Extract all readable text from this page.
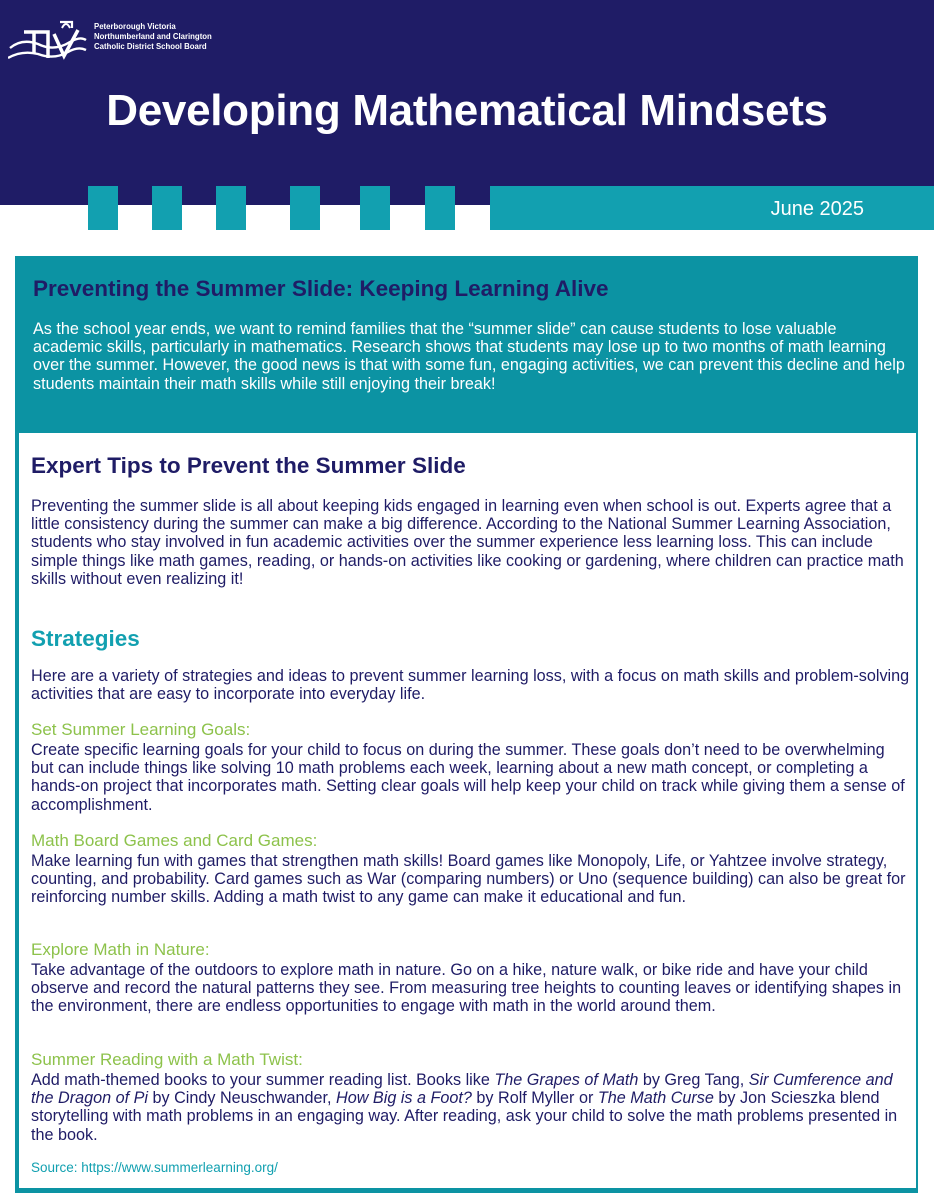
Peterborough Victoria
Northumberland and Clarington
Catholic District School Board
Developing Mathematical Mindsets
June 2025
Preventing the Summer Slide: Keeping Learning Alive

As the school year ends, we want to remind families that the “summer slide” can cause students to lose valuable academic skills, particularly in mathematics. Research shows that students may lose up to two months of math learning over the summer. However, the good news is that with some fun, engaging activities, we can prevent this decline and help students maintain their math skills while still enjoying their break!

Expert Tips to Prevent the Summer Slide

Preventing the summer slide is all about keeping kids engaged in learning even when school is out. Experts agree that a little consistency during the summer can make a big difference. According to the National Summer Learning Association, students who stay involved in fun academic activities over the summer experience less learning loss. This can include simple things like math games, reading, or hands-on activities like cooking or gardening, where children can practice math skills without even realizing it!

Strategies

Here are a variety of strategies and ideas to prevent summer learning loss, with a focus on math skills and problem-solving activities that are easy to incorporate into everyday life.

Set Summer Learning Goals:

Create specific learning goals for your child to focus on during the summer. These goals don’t need to be overwhelming but can include things like solving 10 math problems each week, learning about a new math concept, or completing a hands-on project that incorporates math. Setting clear goals will help keep your child on track while giving them a sense of accomplishment.

Math Board Games and Card Games:

Make learning fun with games that strengthen math skills! Board games like Monopoly, Life, or Yahtzee involve strategy, counting, and probability. Card games such as War (comparing numbers) or Uno (sequence building) can also be great for reinforcing number skills. Adding a math twist to any game can make it educational and fun.

Explore Math in Nature:

Take advantage of the outdoors to explore math in nature. Go on a hike, nature walk, or bike ride and have your child observe and record the natural patterns they see. From measuring tree heights to counting leaves or identifying shapes in the environment, there are endless opportunities to engage with math in the world around them.

Summer Reading with a Math Twist:

Add math-themed books to your summer reading list. Books like The Grapes of Math by Greg Tang, Sir Cumference and the Dragon of Pi by Cindy Neuschwander, How Big is a Foot? by Rolf Myller or The Math Curse by Jon Scieszka blend storytelling with math problems in an engaging way. After reading, ask your child to solve the math problems presented in the book.

Source: https://www.summerlearning.org/
